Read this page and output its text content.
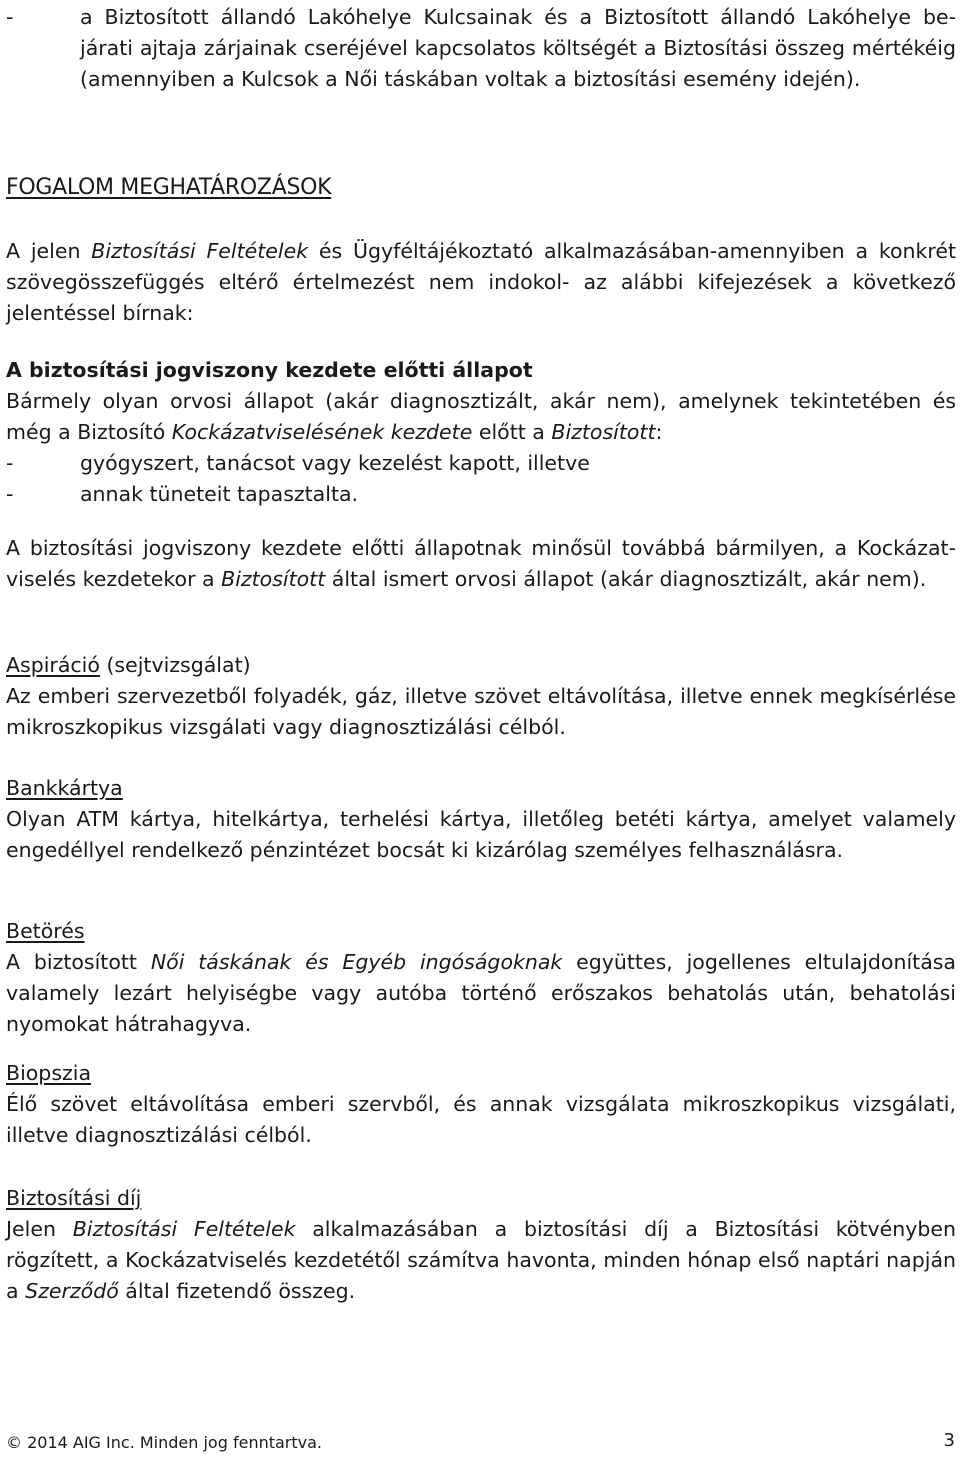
-	a Biztosított állandó Lakóhelye Kulcsainak és a Biztosított állandó Lakóhelye be- járati ajtaja zárjainak cseréjével kapcsolatos költségét a Biztosítási összeg mértékéig (amennyiben a Kulcsok a Női táskában voltak a biztosítási esemény idején).

FOGALOM MEGHATÁROZÁSOK

A jelen Biztosítási Feltételek és Ügyféltájékoztató alkalmazásában-amennyiben a konkrét szövegösszefüggés eltérő értelmezést nem indokol- az alábbi kifejezések a következő jelentéssel bírnak:

A biztosítási jogviszony kezdete előtti állapot

Bármely olyan orvosi állapot (akár diagnosztizált, akár nem), amelynek tekintetében és még a Biztosító Kockázatviselésének kezdete előtt a Biztosított:

-	gyógyszert, tanácsot vagy kezelést kapott, illetve

-	annak tüneteit tapasztalta.

A biztosítási jogviszony kezdete előtti állapotnak minősül továbbá bármilyen, a Kockázat- viselés kezdetekor a Biztosított által ismert orvosi állapot (akár diagnosztizált, akár nem).

Aspiráció (sejtvizsgálat)

Az emberi szervezetből folyadék, gáz, illetve szövet eltávolítása, illetve ennek megkísérlése mikroszkopikus vizsgálati vagy diagnosztizálási célból.

Bankkártya

Olyan ATM kártya, hitelkártya, terhelési kártya, illetőleg betéti kártya, amelyet valamely engedéllyel rendelkező pénzintézet bocsát ki kizárólag személyes felhasználásra.

Betörés

A biztosított Női táskának és Egyéb ingóságoknak együttes, jogellenes eltulajdonítása valamely lezárt helyiségbe vagy autóba történő erőszakos behatolás után, behatolási nyomokat hátrahagyva.

Biopszia

Élő szövet eltávolítása emberi szervből, és annak vizsgálata mikroszkopikus vizsgálati, illetve diagnosztizálási célból.

Biztosítási díj

Jelen Biztosítási Feltételek alkalmazásában a biztosítási díj a Biztosítási kötvényben rögzített, a Kockázatviselés kezdetétől számítva havonta, minden hónap első naptári napján a Szerződő által fizetendő összeg.

© 2014 AIG Inc. Minden jog fenntartva.	3
